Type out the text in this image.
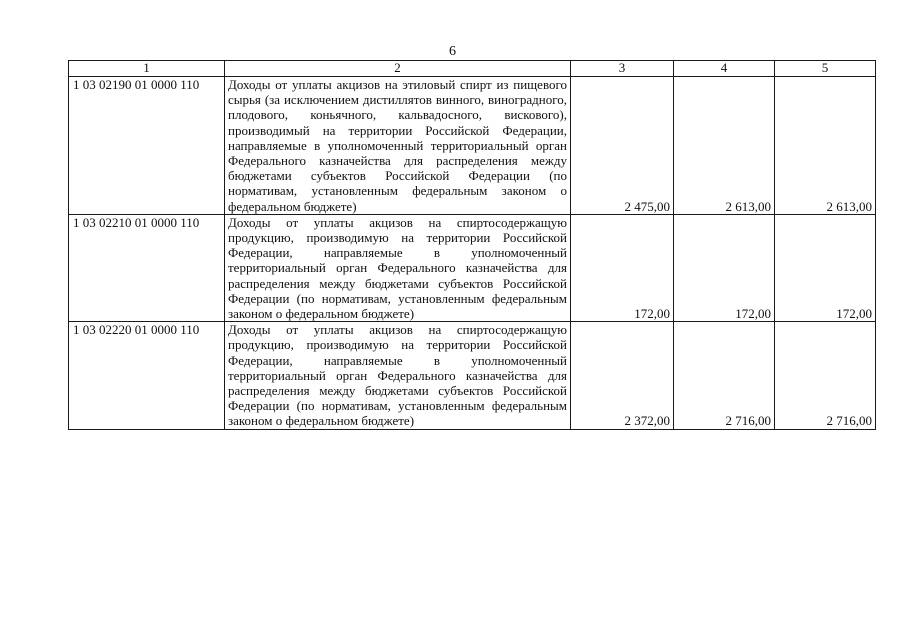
6
1	2	3	4	5
1 03 02190 01 0000 110	Доходы от уплаты акцизов на этиловый спирт из пищевого сырья (за исключением дистиллятов винного, виноградного, плодового, коньячного, кальвадосного, вискового), производимый на территории Российской Федерации, направляемые в уполномоченный территориальный орган Федерального казначейства для распределения между бюджетами субъектов Российской Федерации (по нормативам, установленным федеральным законом о федеральном бюджете)	2 475,00	2 613,00	2 613,00
1 03 02210 01 0000 110	Доходы от уплаты акцизов на спиртосодержащую продукцию, производимую на территории Российской Федерации, направляемые в уполномоченный территориальный орган Федерального казначейства для распределения между бюджетами субъектов Российской Федерации (по нормативам, установленным федеральным законом о федеральном бюджете)	172,00	172,00	172,00
1 03 02220 01 0000 110	Доходы от уплаты акцизов на спиртосодержащую продукцию, производимую на территории Российской Федерации, направляемые в уполномоченный территориальный орган Федерального казначейства для распределения между бюджетами субъектов Российской Федерации (по нормативам, установленным федеральным законом о федеральном бюджете)	2 372,00	2 716,00	2 716,00
